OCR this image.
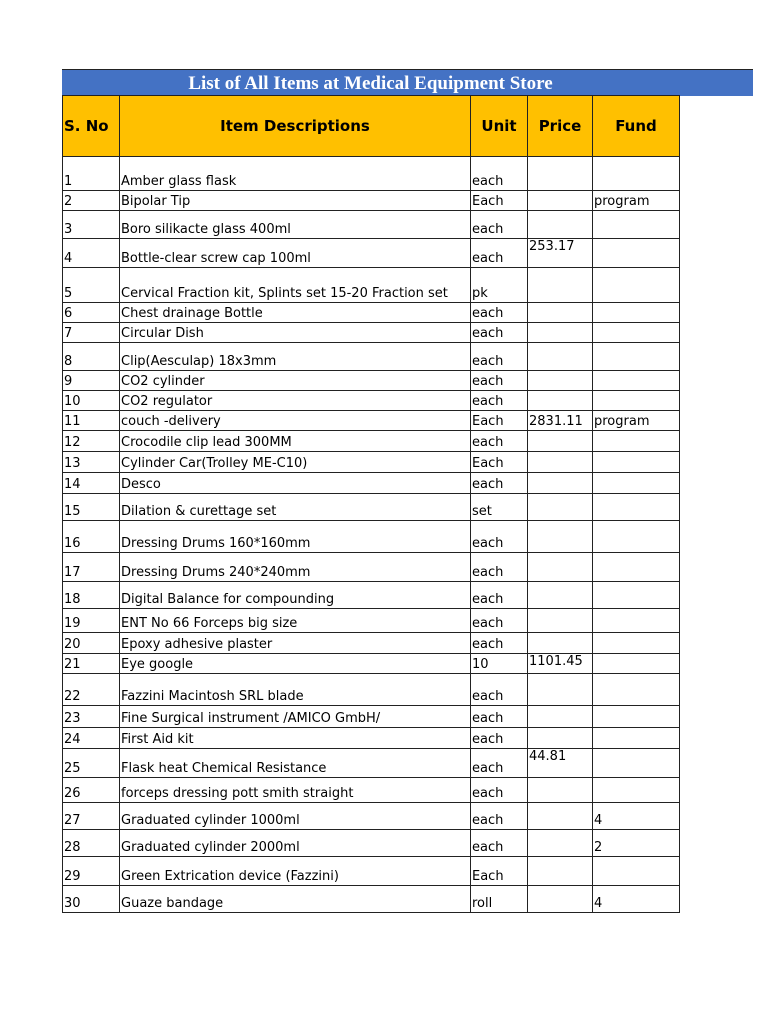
List of All Items at Medical Equipment Store
S. No	Item Descriptions	Unit	Price	Fund
1	Amber glass flask	each		
2	Bipolar Tip	Each		program
3	Boro silikacte glass 400ml	each		
4	Bottle-clear screw cap 100ml	each	253.17	
5	Cervical Fraction kit, Splints set 15-20 Fraction set	pk		
6	Chest drainage Bottle	each		
7	Circular Dish	each		
8	Clip(Aesculap) 18x3mm	each		
9	CO2 cylinder	each		
10	CO2 regulator	each		
11	couch -delivery	Each	2831.11	program
12	Crocodile clip lead 300MM	each		
13	Cylinder Car(Trolley ME-C10)	Each		
14	Desco	each		
15	Dilation & curettage set	set		
16	Dressing Drums 160*160mm	each		
17	Dressing Drums 240*240mm	each		
18	Digital Balance for compounding	each		
19	ENT No 66 Forceps big size	each		
20	Epoxy adhesive plaster	each		
21	Eye google	10	1101.45	
22	Fazzini Macintosh SRL blade	each		
23	Fine Surgical instrument /AMICO GmbH/	each		
24	First Aid kit	each		
25	Flask heat Chemical Resistance	each	44.81	
26	forceps dressing pott smith straight	each		
27	Graduated cylinder 1000ml	each		4
28	Graduated cylinder 2000ml	each		2
29	Green Extrication device (Fazzini)	Each		
30	Guaze bandage	roll		4
